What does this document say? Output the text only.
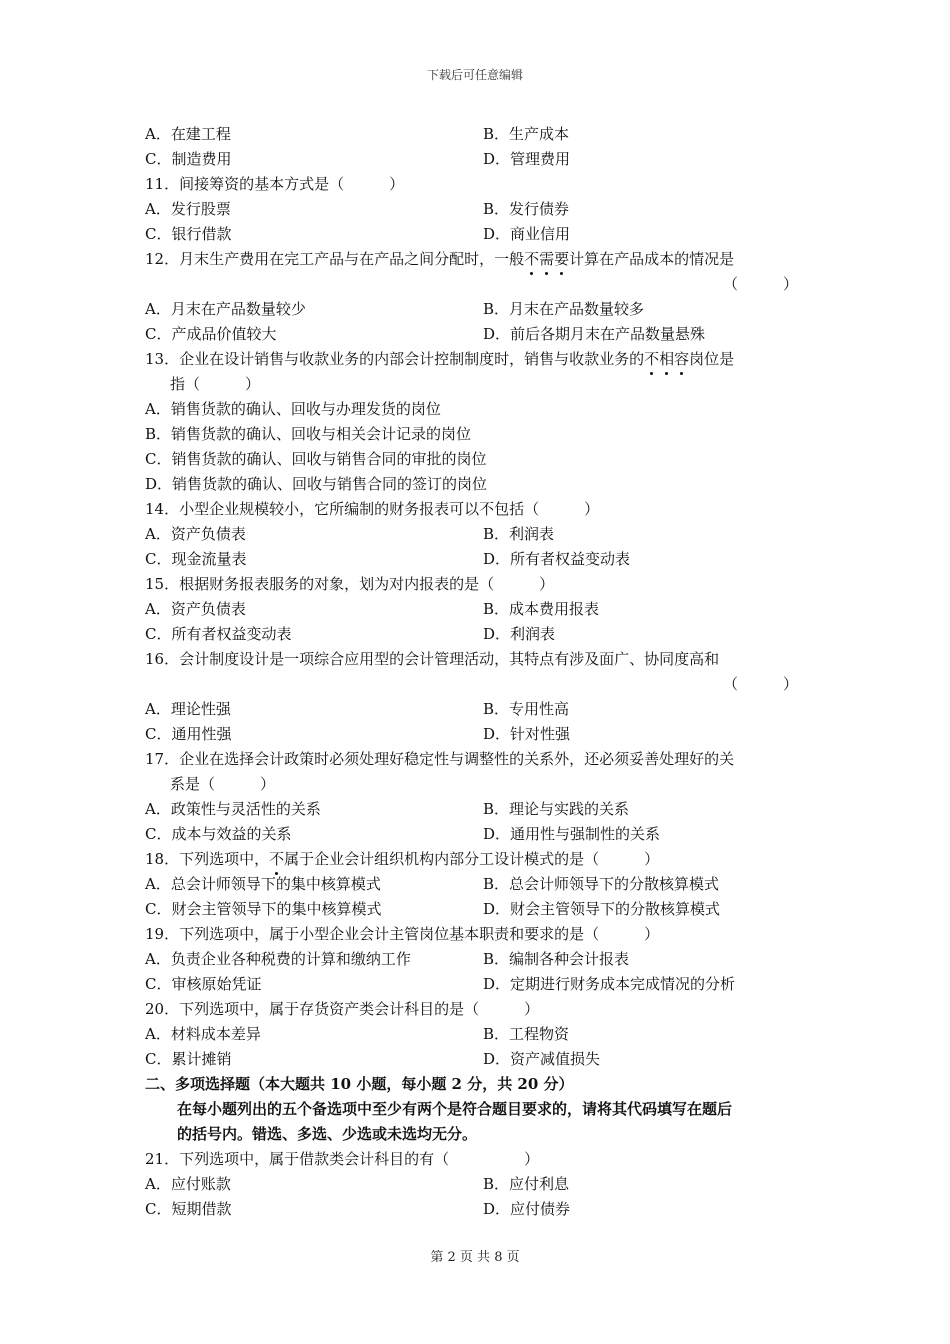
下载后可任意编辑
A．在建工程	B．生产成本
C．制造费用	D．管理费用
11．间接筹资的基本方式是（　　　）
A．发行股票	B．发行债券
C．银行借款	D．商业信用
12．月末生产费用在完工产品与在产品之间分配时，一般不需要计算在产品成本的情况是
（　　　）
A．月末在产品数量较少	B．月末在产品数量较多
C．产成品价值较大	D．前后各期月末在产品数量悬殊
13．企业在设计销售与收款业务的内部会计控制制度时，销售与收款业务的不相容岗位是
指（　　　）
A．销售货款的确认、回收与办理发货的岗位
B．销售货款的确认、回收与相关会计记录的岗位
C．销售货款的确认、回收与销售合同的审批的岗位
D．销售货款的确认、回收与销售合同的签订的岗位
14．小型企业规模较小，它所编制的财务报表可以不包括（　　　）
A．资产负债表	B．利润表
C．现金流量表	D．所有者权益变动表
15．根据财务报表服务的对象，划为对内报表的是（　　　）
A．资产负债表	B．成本费用报表
C．所有者权益变动表	D．利润表
16．会计制度设计是一项综合应用型的会计管理活动，其特点有涉及面广、协同度高和
（　　　）
A．理论性强	B．专用性高
C．通用性强	D．针对性强
17．企业在选择会计政策时必须处理好稳定性与调整性的关系外，还必须妥善处理好的关
系是（　　　）
A．政策性与灵活性的关系	B．理论与实践的关系
C．成本与效益的关系	D．通用性与强制性的关系
18．下列选项中，不属于企业会计组织机构内部分工设计模式的是（　　　）
A．总会计师领导下的集中核算模式	B．总会计师领导下的分散核算模式
C．财会主管领导下的集中核算模式	D．财会主管领导下的分散核算模式
19．下列选项中，属于小型企业会计主管岗位基本职责和要求的是（　　　）
A．负责企业各种税费的计算和缴纳工作	B．编制各种会计报表
C．审核原始凭证	D．定期进行财务成本完成情况的分析
20．下列选项中，属于存货资产类会计科目的是（　　　）
A．材料成本差异	B．工程物资
C．累计摊销	D．资产减值损失
二、多项选择题（本大题共 10 小题，每小题 2 分，共 20 分）
在每小题列出的五个备选项中至少有两个是符合题目要求的，请将其代码填写在题后
的括号内。错选、多选、少选或未选均无分。
21．下列选项中，属于借款类会计科目的有（　　　　　）
A．应付账款	B．应付利息
C．短期借款	D．应付债券
第 2 页 共 8 页
